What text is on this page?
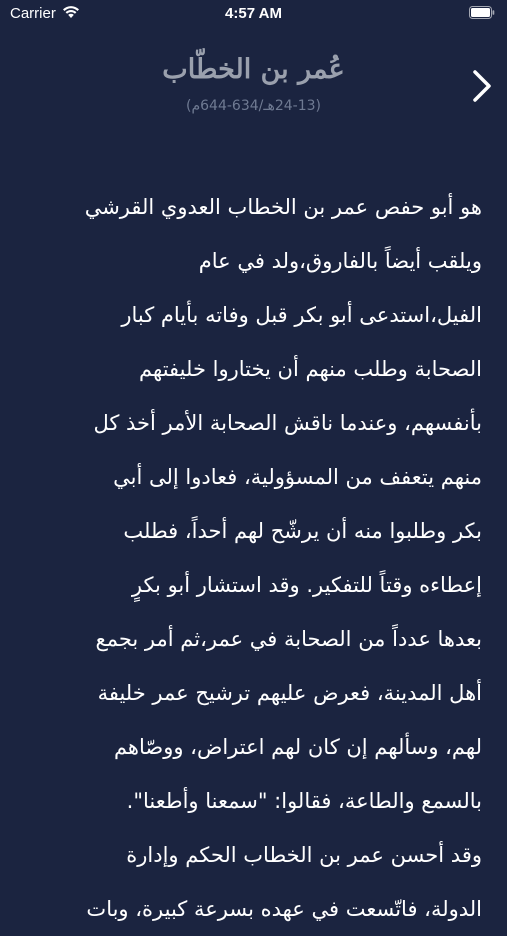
Carrier	4:57 AM
عُمر بن الخطّاب
(24-13هـ/634-644م)
هو أبو حفص عمر بن الخطاب العدوي القرشي
ويلقب أيضاً بالفاروق،ولد في عام
الفيل،استدعى أبو بكر قبل وفاته بأيام كبار
الصحابة وطلب منهم أن يختاروا خليفتهم
بأنفسهم، وعندما ناقش الصحابة الأمر أخذ كل
منهم يتعفف من المسؤولية، فعادوا إلى أبي
بكر وطلبوا منه أن يرشّح لهم أحداً، فطلب
إعطاءه وقتاً للتفكير. وقد استشار أبو بكرٍ
بعدها عدداً من الصحابة في عمر،ثم أمر بجمع
أهل المدينة، فعرض عليهم ترشيح عمر خليفة
لهم، وسألهم إن كان لهم اعتراض، ووصّاهم
بالسمع والطاعة، فقالوا: "سمعنا وأطعنا".
وقد أحسن عمر بن الخطاب الحكم وإدارة
الدولة، فاتّسعت في عهده بسرعة كبيرة، وبات
